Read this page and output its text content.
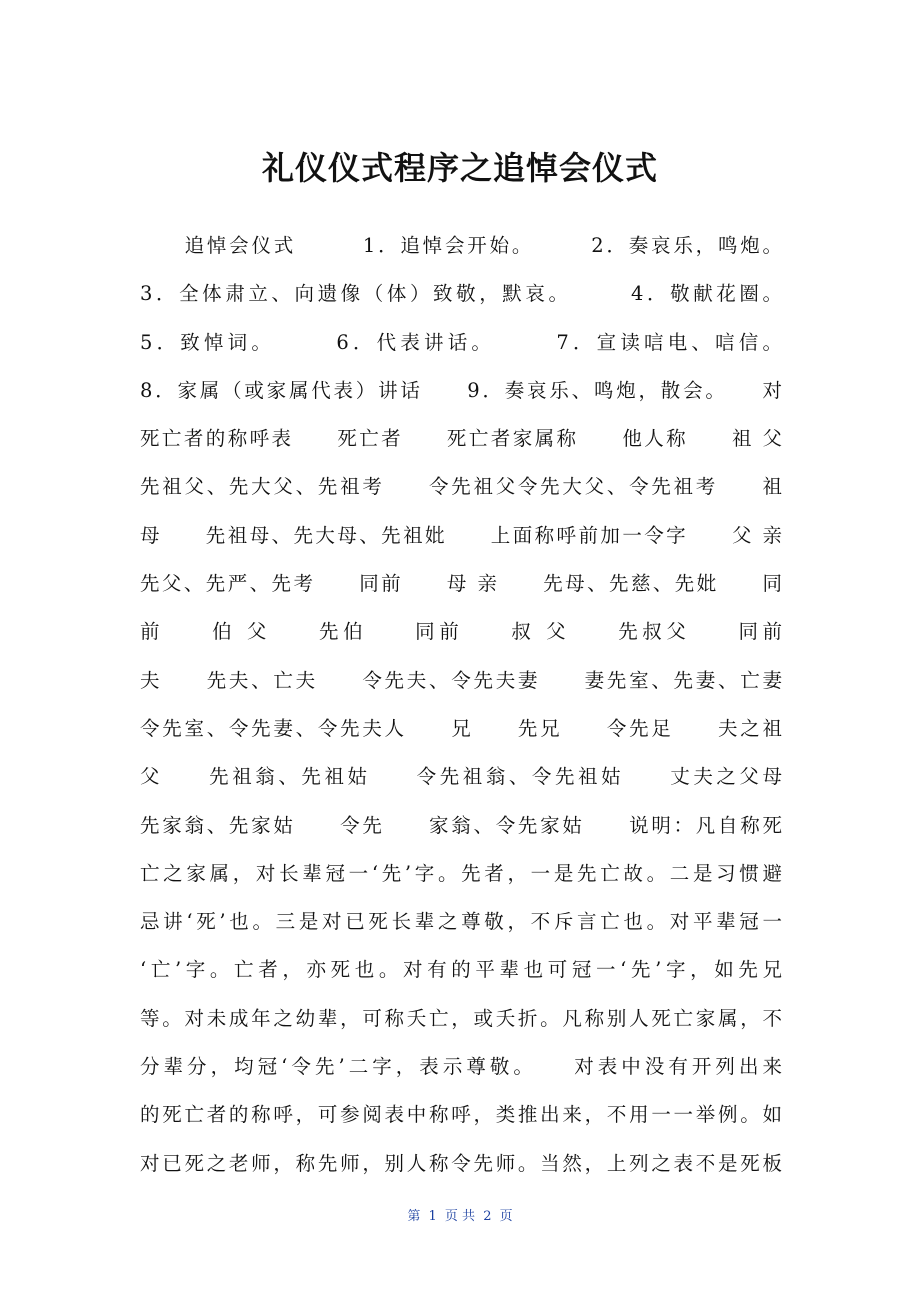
礼仪仪式程序之追悼会仪式
　　追悼会仪式　　　1．追悼会开始。　　　2．奏哀乐，鸣炮。
3．全体肃立、向遗像（体）致敬，默哀。　　　4．敬献花圈。
5．致悼词。　　　6．代表讲话。　　　7．宣读唁电、唁信。
8．家属（或家属代表）讲话　　9．奏哀乐、鸣炮，散会。　　对
死亡者的称呼表　　死亡者　　死亡者家属称　　他人称　　祖 父
先祖父、先大父、先祖考　　令先祖父令先大父、令先祖考　　祖
母　　先祖母、先大母、先祖妣　　上面称呼前加一令字　　父 亲
先父、先严、先考　　同前　　母 亲　　先母、先慈、先妣　　同
前　　伯 父　　先伯　　同前　　叔 父　　先叔父　　同前
夫　　先夫、亡夫　　令先夫、令先夫妻　　妻先室、先妻、亡妻
令先室、令先妻、令先夫人　　兄　　先兄　　令先足　　夫之祖
父　　先祖翁、先祖姑　　令先祖翁、令先祖姑　　丈夫之父母
先家翁、先家姑　　令先　　家翁、令先家姑　　说明：凡自称死
亡之家属，对长辈冠一‘先’字。先者，一是先亡故。二是习惯避
忌讲‘死’也。三是对已死长辈之尊敬，不斥言亡也。对平辈冠一
‘亡’字。亡者，亦死也。对有的平辈也可冠一‘先’字，如先兄
等。对未成年之幼辈，可称夭亡，或夭折。凡称别人死亡家属，不
分辈分，均冠‘令先’二字，表示尊敬。　　对表中没有开列出来
的死亡者的称呼，可参阅表中称呼，类推出来，不用一一举例。如
对已死之老师，称先师，别人称令先师。当然，上列之表不是死板
第 1 页 共 2 页
